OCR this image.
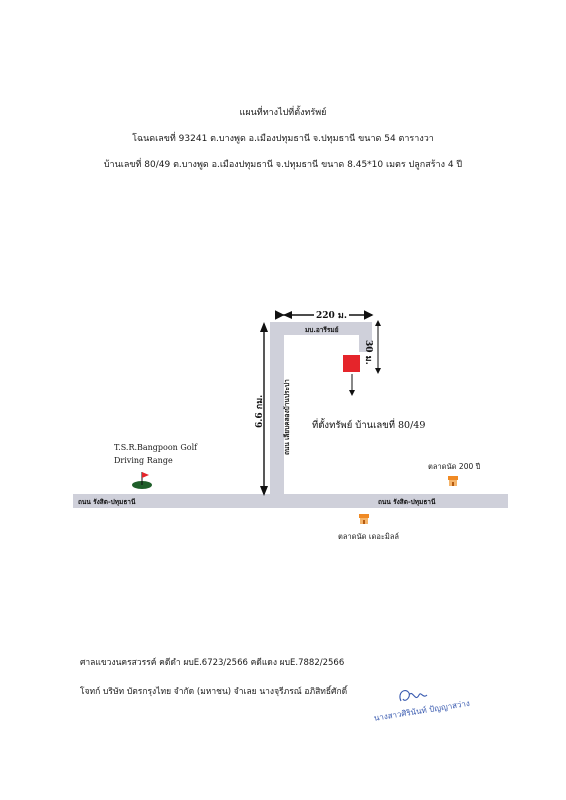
แผนที่ทางไปที่ตั้งทรัพย์
โฉนดเลขที่ 93241 ต.บางพูด อ.เมืองปทุมธานี จ.ปทุมธานี ขนาด 54 ตารางวา
บ้านเลขที่ 80/49 ต.บางพูด อ.เมืองปทุมธานี จ.ปทุมธานี ขนาด 8.45*10 เมตร ปลูกสร้าง 4 ปี
220 ม.
30 ม.
6.6 กม.
มบ.อารีรมย์
ถนน เลียบคลองบ้านประปา
ถนน รังสิต-ปทุมธานี	ถนน รังสิต-ปทุมธานี
ที่ตั้งทรัพย์ บ้านเลขที่ 80/49
T.S.R.Bangpoon Golf
Driving Range
ตลาดนัด 200 ปี
ตลาดนัด เดอะมิลล์
ศาลแขวงนครสวรรค์ คดีดำ ผบE.6723/2566 คดีแดง ผบE.7882/2566
โจทก์ บริษัท บัตรกรุงไทย จำกัด (มหาชน) จำเลย นางจุรีภรณ์ อภิสิทธิ์ศักดิ์
นางสาวศิรินันท์ ปัญญาสว่าง
